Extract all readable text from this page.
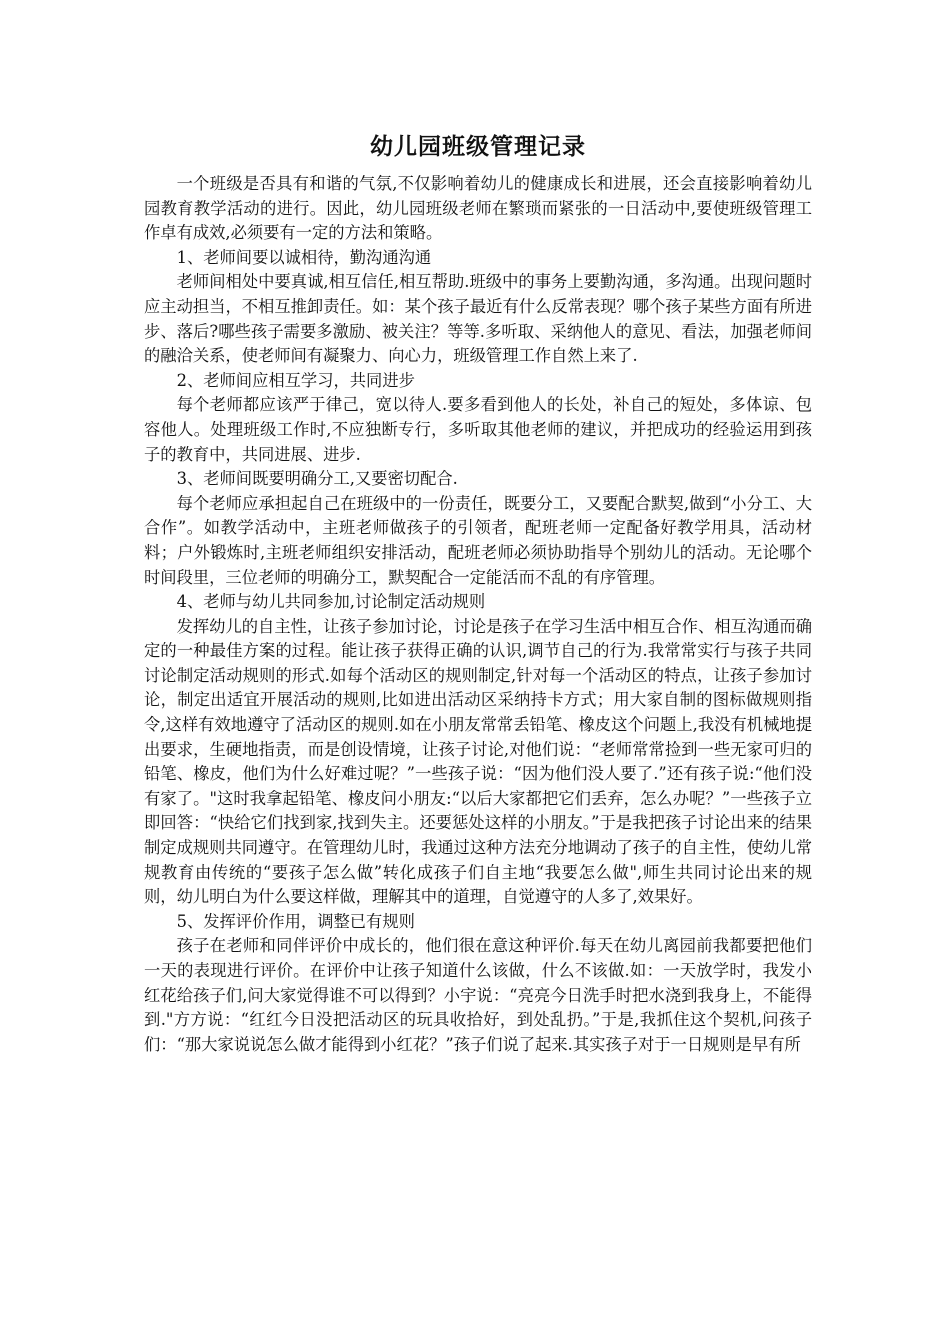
幼儿园班级管理记录

一个班级是否具有和谐的气氛,不仅影响着幼儿的健康成长和进展，还会直接影响着幼儿园教育教学活动的进行。因此，幼儿园班级老师在繁琐而紧张的一日活动中,要使班级管理工作卓有成效,必须要有一定的方法和策略。

1、老师间要以诚相待，勤沟通沟通

老师间相处中要真诚,相互信任,相互帮助.班级中的事务上要勤沟通，多沟通。出现问题时应主动担当，不相互推卸责任。如：某个孩子最近有什么反常表现？哪个孩子某些方面有所进步、落后?哪些孩子需要多激励、被关注？等等.多听取、采纳他人的意见、看法，加强老师间的融洽关系，使老师间有凝聚力、向心力，班级管理工作自然上来了.

2、老师间应相互学习，共同进步

每个老师都应该严于律己，宽以待人.要多看到他人的长处，补自己的短处，多体谅、包容他人。处理班级工作时,不应独断专行，多听取其他老师的建议，并把成功的经验运用到孩子的教育中，共同进展、进步.

3、老师间既要明确分工,又要密切配合.

每个老师应承担起自己在班级中的一份责任，既要分工，又要配合默契,做到“小分工、大合作”。如教学活动中，主班老师做孩子的引领者，配班老师一定配备好教学用具，活动材料；户外锻炼时,主班老师组织安排活动，配班老师必须协助指导个别幼儿的活动。无论哪个时间段里，三位老师的明确分工，默契配合一定能活而不乱的有序管理。

4、老师与幼儿共同参加,讨论制定活动规则

发挥幼儿的自主性，让孩子参加讨论，讨论是孩子在学习生活中相互合作、相互沟通而确定的一种最佳方案的过程。能让孩子获得正确的认识,调节自己的行为.我常常实行与孩子共同讨论制定活动规则的形式.如每个活动区的规则制定,针对每一个活动区的特点，让孩子参加讨论，制定出适宜开展活动的规则,比如进出活动区采纳持卡方式；用大家自制的图标做规则指令,这样有效地遵守了活动区的规则.如在小朋友常常丢铅笔、橡皮这个问题上,我没有机械地提出要求，生硬地指责，而是创设情境，让孩子讨论,对他们说：“老师常常捡到一些无家可归的铅笔、橡皮，他们为什么好难过呢？”一些孩子说：“因为他们没人要了.”还有孩子说:“他们没有家了。"这时我拿起铅笔、橡皮问小朋友:“以后大家都把它们丢弃，怎么办呢？”一些孩子立即回答：“快给它们找到家,找到失主。还要惩处这样的小朋友。”于是我把孩子讨论出来的结果制定成规则共同遵守。在管理幼儿时，我通过这种方法充分地调动了孩子的自主性，使幼儿常规教育由传统的“要孩子怎么做”转化成孩子们自主地“我要怎么做",师生共同讨论出来的规则，幼儿明白为什么要这样做，理解其中的道理，自觉遵守的人多了,效果好。

5、发挥评价作用，调整已有规则

孩子在老师和同伴评价中成长的，他们很在意这种评价.每天在幼儿离园前我都要把他们一天的表现进行评价。在评价中让孩子知道什么该做，什么不该做.如：一天放学时，我发小红花给孩子们,问大家觉得谁不可以得到？小宇说：“亮亮今日洗手时把水浇到我身上，不能得到."方方说：“红红今日没把活动区的玩具收拾好，到处乱扔。”于是,我抓住这个契机,问孩子们：“那大家说说怎么做才能得到小红花？”孩子们说了起来.其实孩子对于一日规则是早有所
